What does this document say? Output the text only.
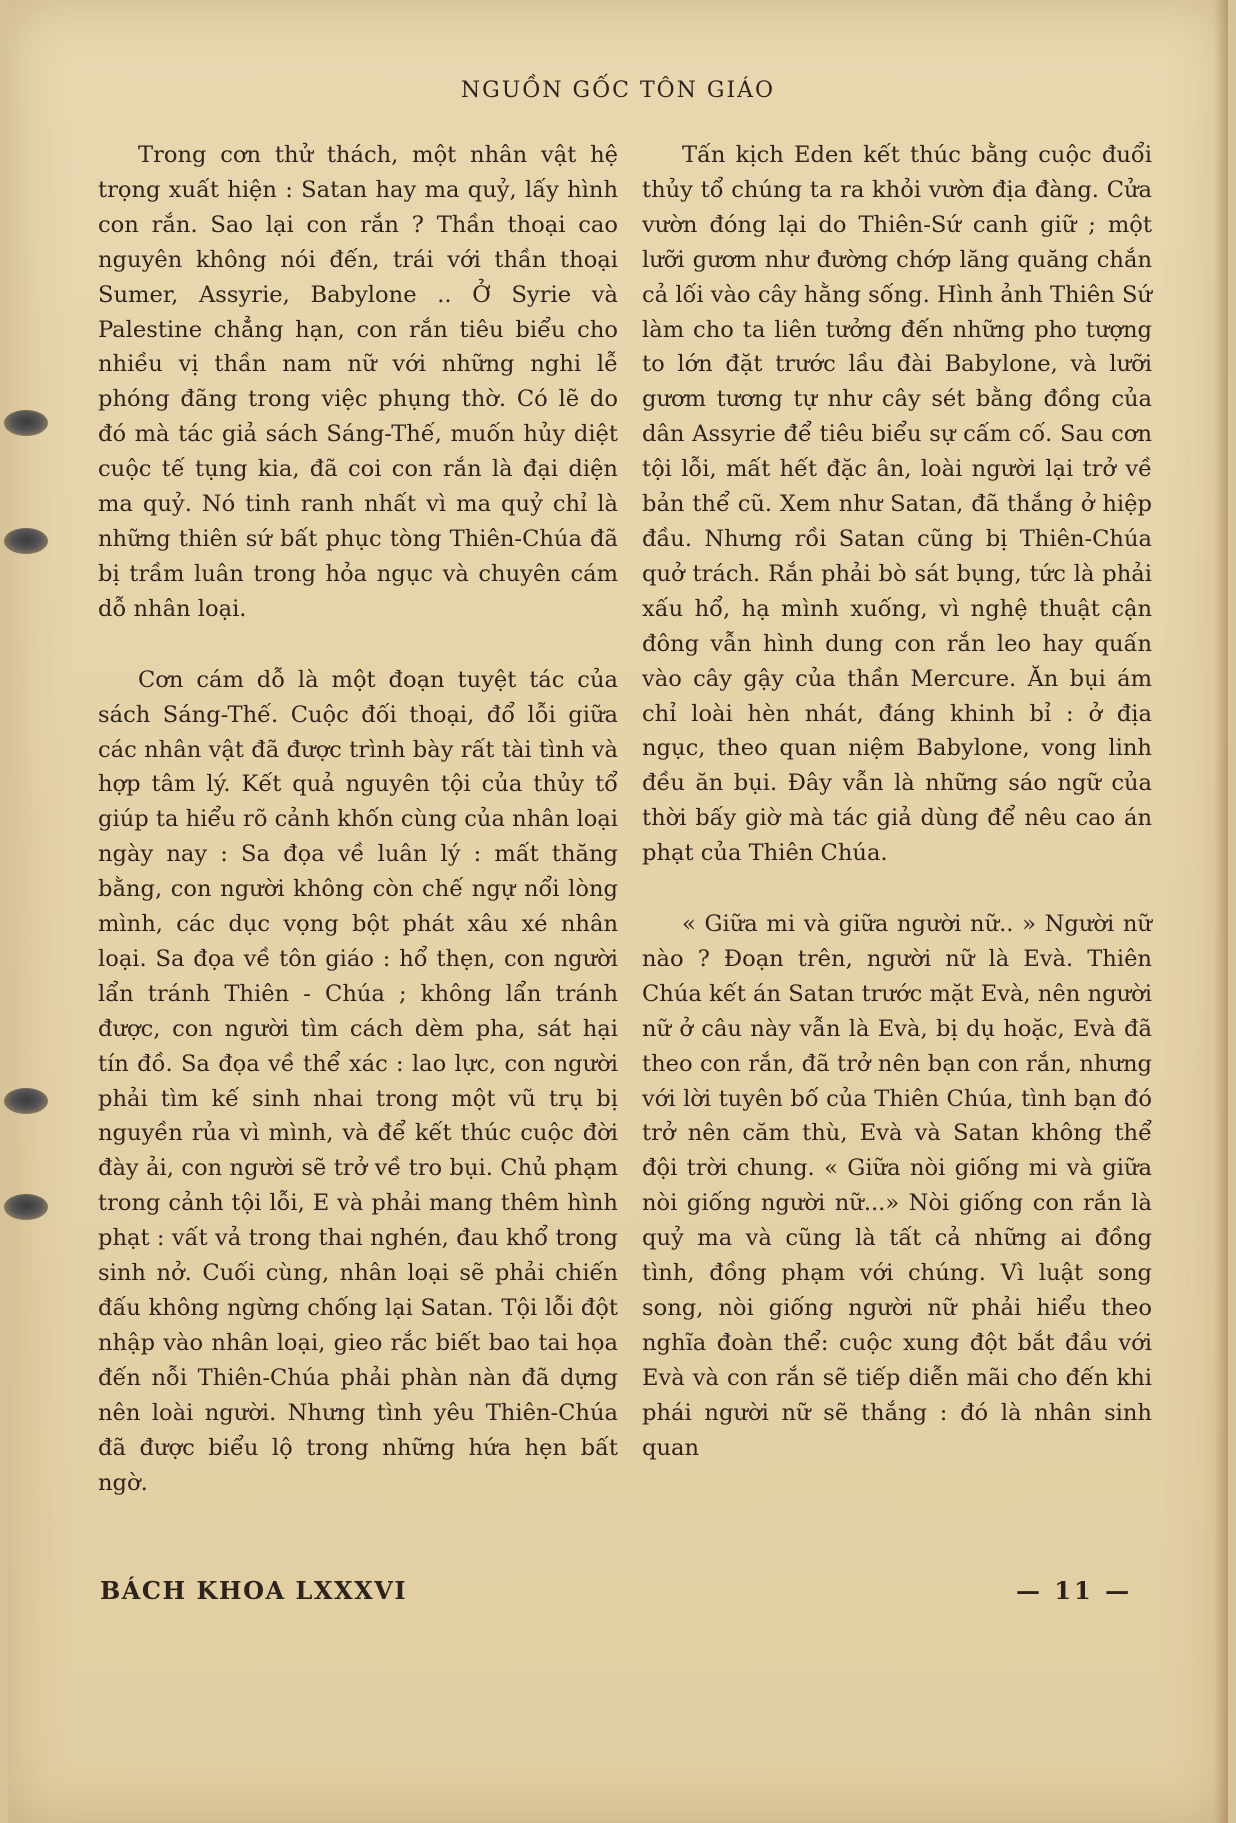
NGUỒN GỐC TÔN GIÁO

Trong cơn thử thách, một nhân vật hệ trọng xuất hiện : Satan hay ma quỷ, lấy hình con rắn. Sao lại con rắn ? Thần thoại cao nguyên không nói đến, trái với thần thoại Sumer, Assyrie, Babylone .. Ở Syrie và Palestine chẳng hạn, con rắn tiêu biểu cho nhiều vị thần nam nữ với những nghi lễ phóng đãng trong việc phụng thờ. Có lẽ do đó mà tác giả sách Sáng-Thế, muốn hủy diệt cuộc tế tụng kia, đã coi con rắn là đại diện ma quỷ. Nó tinh ranh nhất vì ma quỷ chỉ là những thiên sứ bất phục tòng Thiên-Chúa đã bị trầm luân trong hỏa ngục và chuyên cám dỗ nhân loại.

Cơn cám dỗ là một đoạn tuyệt tác của sách Sáng-Thế. Cuộc đối thoại, đổ lỗi giữa các nhân vật đã được trình bày rất tài tình và hợp tâm lý. Kết quả nguyên tội của thủy tổ giúp ta hiểu rõ cảnh khốn cùng của nhân loại ngày nay : Sa đọa về luân lý : mất thăng bằng, con người không còn chế ngự nổi lòng mình, các dục vọng bột phát xâu xé nhân loại. Sa đọa về tôn giáo : hổ thẹn, con người lẩn tránh Thiên - Chúa ; không lẩn tránh được, con người tìm cách dèm pha, sát hại tín đồ. Sa đọa về thể xác : lao lực, con người phải tìm kế sinh nhai trong một vũ trụ bị nguyền rủa vì mình, và để kết thúc cuộc đời đày ải, con người sẽ trở về tro bụi. Chủ phạm trong cảnh tội lỗi, E và phải mang thêm hình phạt : vất vả trong thai nghén, đau khổ trong sinh nở. Cuối cùng, nhân loại sẽ phải chiến đấu không ngừng chống lại Satan. Tội lỗi đột nhập vào nhân loại, gieo rắc biết bao tai họa đến nỗi Thiên-Chúa phải phàn nàn đã dựng nên loài người. Nhưng tình yêu Thiên-Chúa đã được biểu lộ trong những hứa hẹn bất ngờ.

Tấn kịch Eden kết thúc bằng cuộc đuổi thủy tổ chúng ta ra khỏi vườn địa đàng. Cửa vườn đóng lại do Thiên-Sứ canh giữ ; một lưỡi gươm như đường chớp lăng quăng chắn cả lối vào cây hằng sống. Hình ảnh Thiên Sứ làm cho ta liên tưởng đến những pho tượng to lớn đặt trước lầu đài Babylone, và lưỡi gươm tương tự như cây sét bằng đồng của dân Assyrie để tiêu biểu sự cấm cố. Sau cơn tội lỗi, mất hết đặc ân, loài người lại trở về bản thể cũ. Xem như Satan, đã thắng ở hiệp đầu. Nhưng rồi Satan cũng bị Thiên-Chúa quở trách. Rắn phải bò sát bụng, tức là phải xấu hổ, hạ mình xuống, vì nghệ thuật cận đông vẫn hình dung con rắn leo hay quấn vào cây gậy của thần Mercure. Ăn bụi ám chỉ loài hèn nhát, đáng khinh bỉ : ở địa ngục, theo quan niệm Babylone, vong linh đều ăn bụi. Đây vẫn là những sáo ngữ của thời bấy giờ mà tác giả dùng để nêu cao án phạt của Thiên Chúa.

« Giữa mi và giữa người nữ.. » Người nữ nào ? Đoạn trên, người nữ là Evà. Thiên Chúa kết án Satan trước mặt Evà, nên người nữ ở câu này vẫn là Evà, bị dụ hoặc, Evà đã theo con rắn, đã trở nên bạn con rắn, nhưng với lời tuyên bố của Thiên Chúa, tình bạn đó trở nên căm thù, Evà và Satan không thể đội trời chung. « Giữa nòi giống mi và giữa nòi giống người nữ...» Nòi giống con rắn là quỷ ma và cũng là tất cả những ai đồng tình, đồng phạm với chúng. Vì luật song song, nòi giống người nữ phải hiểu theo nghĩa đoàn thể: cuộc xung đột bắt đầu với Evà và con rắn sẽ tiếp diễn mãi cho đến khi phái người nữ sẽ thắng : đó là nhân sinh quan

BÁCH KHOA LXXXVI	— 11 —
